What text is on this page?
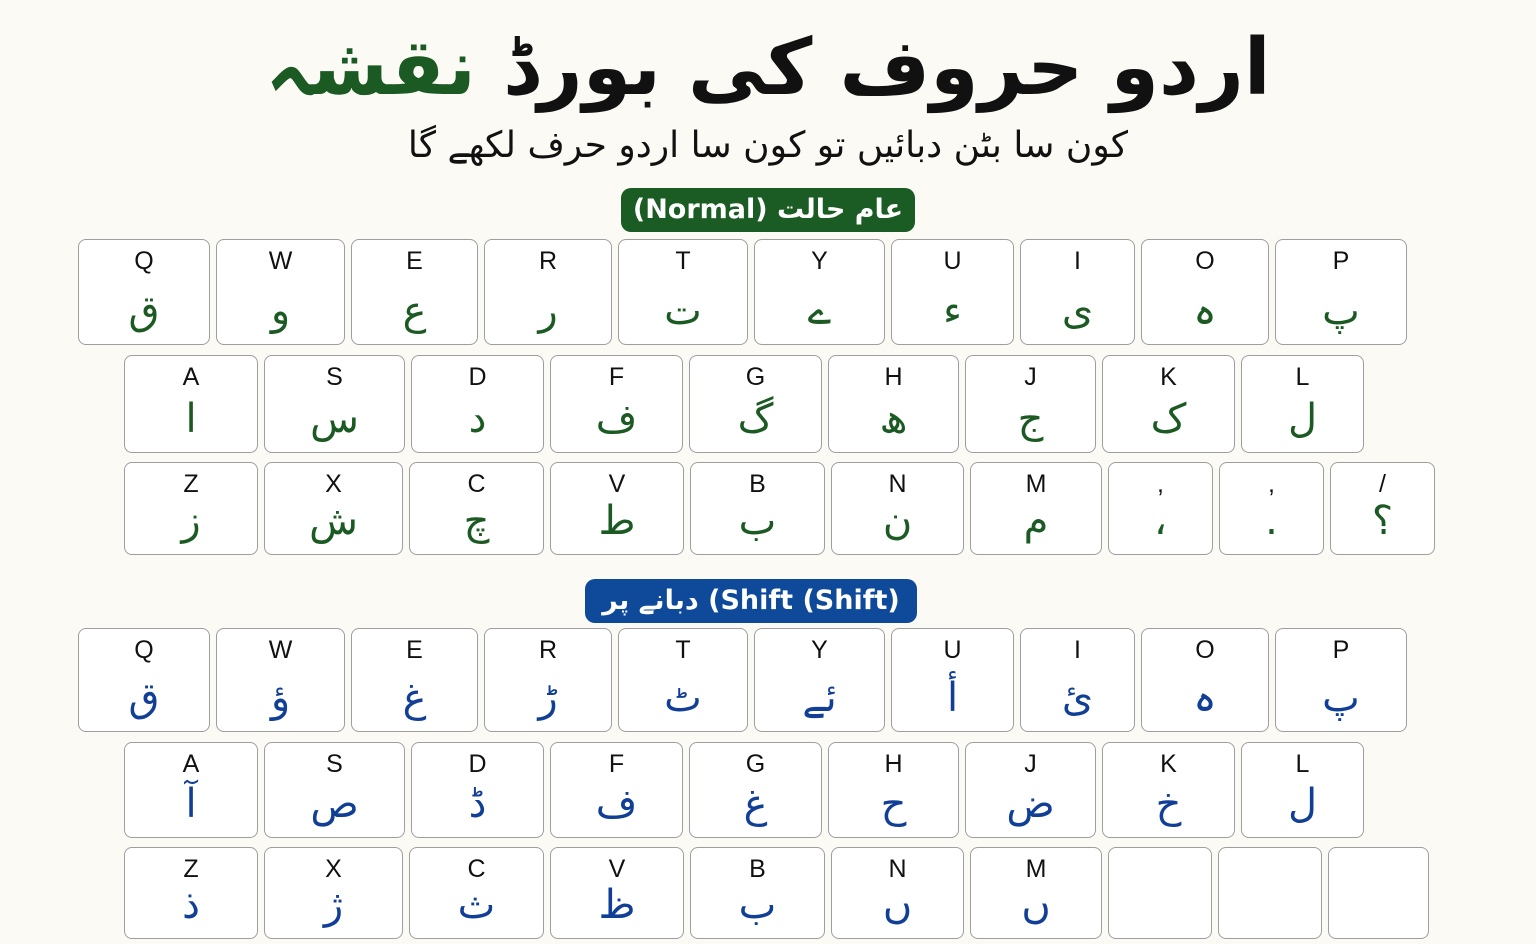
اردو حروف کی بورڈ نقشہ
کون سا بٹن دبائیں تو کون سا اردو حرف لکھے گا
(Normal) عام حالت
Shift) دبانے پر (Shift)
Q
ق
W
و
E
ع
R
ر
T
ت
Y
ے
U
ء
I
ی
O
ہ
P
پ
A
ا
S
س
D
د
F
ف
G
گ
H
ھ
J
ج
K
ک
L
ل
Z
ز
X
ش
C
چ
V
ط
B
ب
N
ن
M
م
,
،
,
.
/
؟
Q
ق
W
ؤ
E
غ
R
ڑ
T
ٹ
Y
ئے
U
أ
I
ئ
O
ہ
P
پ
A
آ
S
ص
D
ڈ
F
ف
G
غ
H
ح
J
ض
K
خ
L
ل
Z
ذ
X
ژ
C
ث
V
ظ
B
ب
N
ں
M
ں
